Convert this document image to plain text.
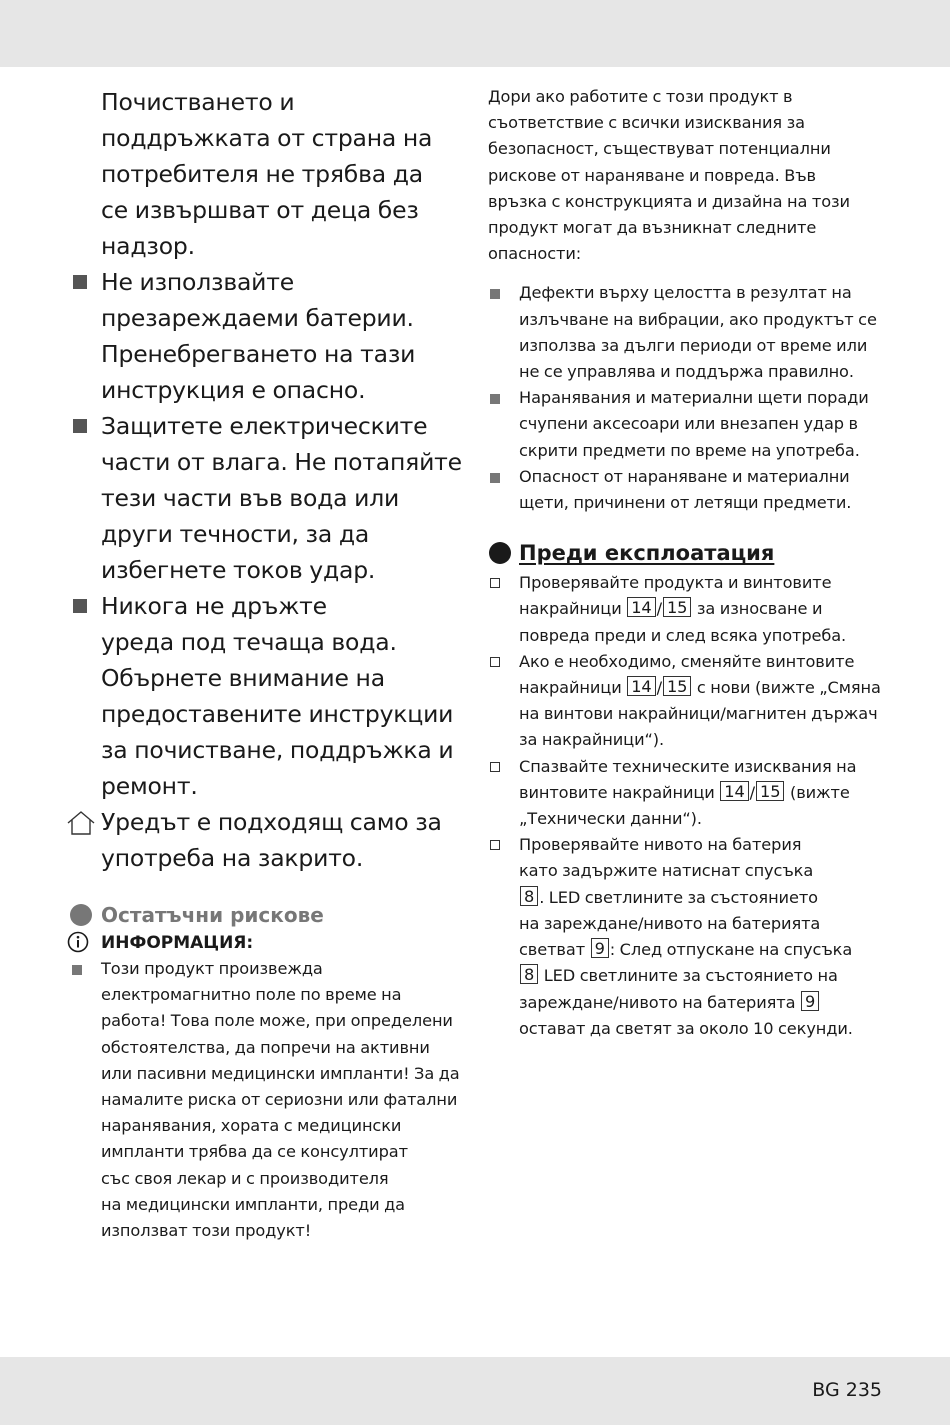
Почистването и

поддръжката от страна на

потребителя не трябва да

се извършват от деца без

надзор.

Не използвайте

презареждаеми батерии.

Пренебрегването на тази

инструкция е опасно.

Защитете електрическите

части от влага. Не потапяйте

тези части във вода или

други течности, за да

избегнете токов удар.

Никога не дръжте

уреда под течаща вода.

Обърнете внимание на

предоставените инструкции

за почистване, поддръжка и

ремонт.

Уредът е подходящ само за

употреба на закрито.

Остатъчни рискове
ИНФОРМАЦИЯ:

Този продукт произвежда

електромагнитно поле по време на

работа! Това поле може, при определени

обстоятелства, да попречи на активни

или пасивни медицински импланти! За да

намалите риска от сериозни или фатални

наранявания, хората с медицински

импланти трябва да се консултират

със своя лекар и с производителя

на медицински импланти, преди да

използват този продукт!

Дори ако работите с този продукт в

съответствие с всички изисквания за

безопасност, съществуват потенциални

рискове от нараняване и повреда. Във

връзка с конструкцията и дизайна на този

продукт могат да възникнат следните

опасности:

Дефекти върху целостта в резултат на

излъчване на вибрации, ако продуктът се

използва за дълги периоди от време или

не се управлява и поддържа правилно.

Наранявания и материални щети поради

счупени аксесоари или внезапен удар в

скрити предмети по време на употреба.

Опасност от нараняване и материални

щети, причинени от летящи предмети.

Преди експлоатация

Проверявайте продукта и винтовите

накрайници 14 / 15 за износване и

повреда преди и след всяка употреба.

Ако е необходимо, сменяйте винтовите

накрайници 14 / 15 с нови (вижте „Смяна

на винтови накрайници/магнитен държач

за накрайници“).

Спазвайте техническите изисквания на

винтовите накрайници 14 / 15 (вижте

„Технически данни“).

Проверявайте нивото на батерия

като задържите натиснат спусъка

8 . LED светлините за състоянието

на зареждане/нивото на батерията

светват 9 : След отпускане на спусъка

8 LED светлините за състоянието на

зареждане/нивото на батерията 9

остават да светят за около 10 секунди.

BG 235
